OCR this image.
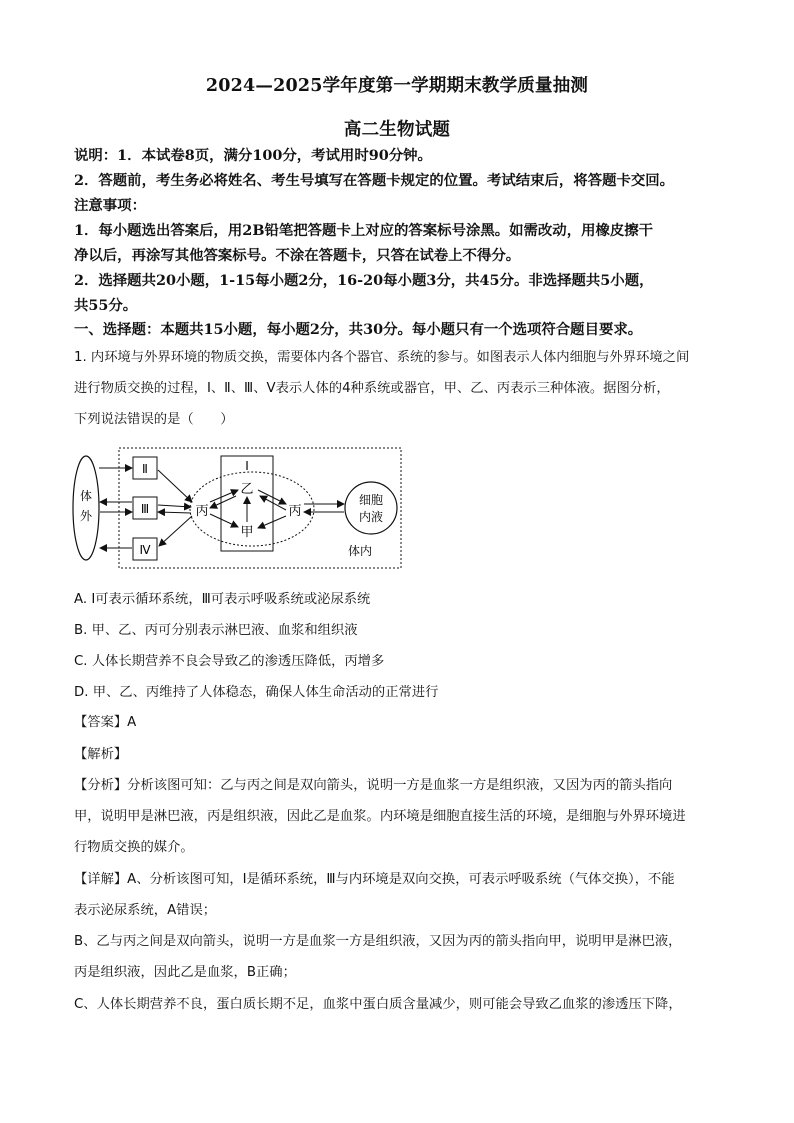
2024—2025学年度第一学期期末教学质量抽测
高二生物试题
说明：1．本试卷8页，满分100分，考试用时90分钟。
2．答题前，考生务必将姓名、考生号填写在答题卡规定的位置。考试结束后，将答题卡交回。
注意事项：
1．每小题选出答案后，用2B铅笔把答题卡上对应的答案标号涂黑。如需改动，用橡皮擦干
净以后，再涂写其他答案标号。不涂在答题卡，只答在试卷上不得分。
2．选择题共20小题，1-15每小题2分，16-20每小题3分，共45分。非选择题共5小题，
共55分。
一、选择题：本题共15小题，每小题2分，共30分。每小题只有一个选项符合题目要求。
1. 内环境与外界环境的物质交换，需要体内各个器官、系统的参与。如图表示人体内细胞与外界环境之间
进行物质交换的过程，Ⅰ、Ⅱ、Ⅲ、Ⅴ表示人体的4种系统或器官，甲、乙、丙表示三种体液。据图分析，
下列说法错误的是（　　）
体
外
Ⅱ
Ⅲ
Ⅳ
Ⅰ
乙
甲
丙	丙
细胞
内液
体内
A. Ⅰ可表示循环系统，Ⅲ可表示呼吸系统或泌尿系统
B. 甲、乙、丙可分别表示淋巴液、血浆和组织液
C. 人体长期营养不良会导致乙的渗透压降低，丙增多
D. 甲、乙、丙维持了人体稳态，确保人体生命活动的正常进行
【答案】A
【解析】
【分析】分析该图可知：乙与丙之间是双向箭头，说明一方是血浆一方是组织液，又因为丙的箭头指向
甲，说明甲是淋巴液，丙是组织液，因此乙是血浆。内环境是细胞直接生活的环境，是细胞与外界环境进
行物质交换的媒介。
【详解】A、分析该图可知，Ⅰ是循环系统，Ⅲ与内环境是双向交换，可表示呼吸系统（气体交换），不能
表示泌尿系统，A错误；
B、乙与丙之间是双向箭头，说明一方是血浆一方是组织液，又因为丙的箭头指向甲，说明甲是淋巴液，
丙是组织液，因此乙是血浆，B正确；
C、人体长期营养不良，蛋白质长期不足，血浆中蛋白质含量减少，则可能会导致乙血浆的渗透压下降，
